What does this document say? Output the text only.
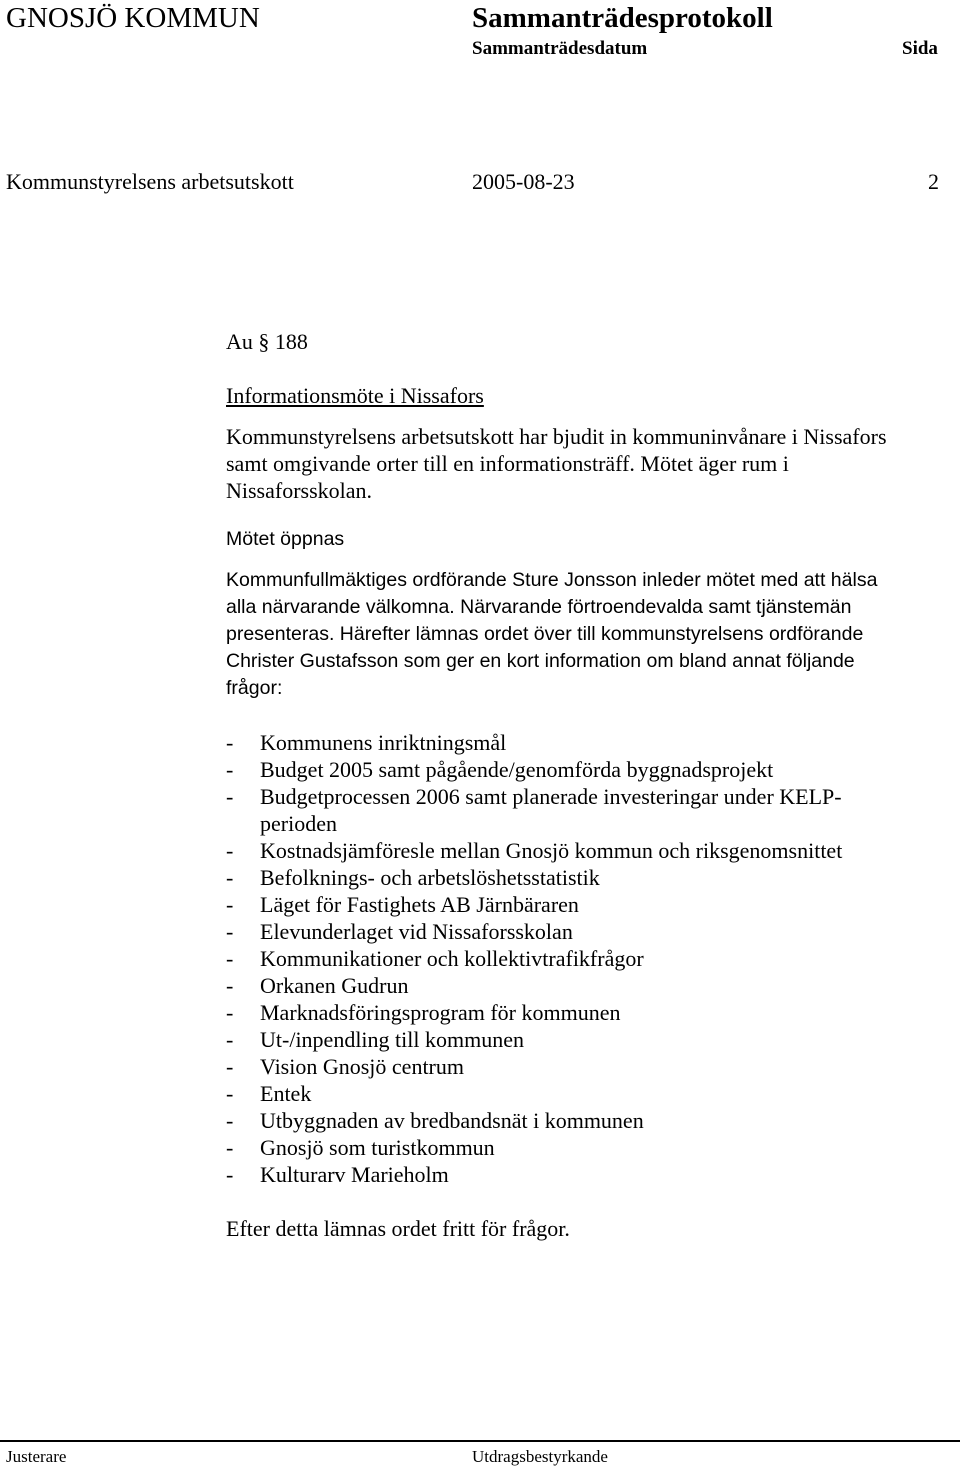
GNOSJÖ KOMMUN	Sammanträdesprotokoll
Sammanträdesdatum	Sida
Kommunstyrelsens arbetsutskott	2005-08-23	2
Au § 188
Informationsmöte i Nissafors
Kommunstyrelsens arbetsutskott har bjudit in kommuninvånare i Nissafors
samt omgivande orter till en informationsträff. Mötet äger rum i
Nissaforsskolan.
Mötet öppnas
Kommunfullmäktiges ordförande Sture Jonsson inleder mötet med att hälsa
alla närvarande välkomna. Närvarande förtroendevalda samt tjänstemän
presenteras. Härefter lämnas ordet över till kommunstyrelsens ordförande
Christer Gustafsson som ger en kort information om bland annat följande
frågor:
-	Kommunens inriktningsmål
-	Budget 2005 samt pågående/genomförda byggnadsprojekt
-	Budgetprocessen 2006 samt planerade investeringar under KELP-perioden
-	Kostnadsjämföresle mellan Gnosjö kommun och riksgenomsnittet
-	Befolknings- och arbetslöshetsstatistik
-	Läget för Fastighets AB Järnbäraren
-	Elevunderlaget vid Nissaforsskolan
-	Kommunikationer och kollektivtrafikfrågor
-	Orkanen Gudrun
-	Marknadsföringsprogram för kommunen
-	Ut-/inpendling till kommunen
-	Vision Gnosjö centrum
-	Entek
-	Utbyggnaden av bredbandsnät i kommunen
-	Gnosjö som turistkommun
-	Kulturarv Marieholm
Efter detta lämnas ordet fritt för frågor.
Justerare	Utdragsbestyrkande
